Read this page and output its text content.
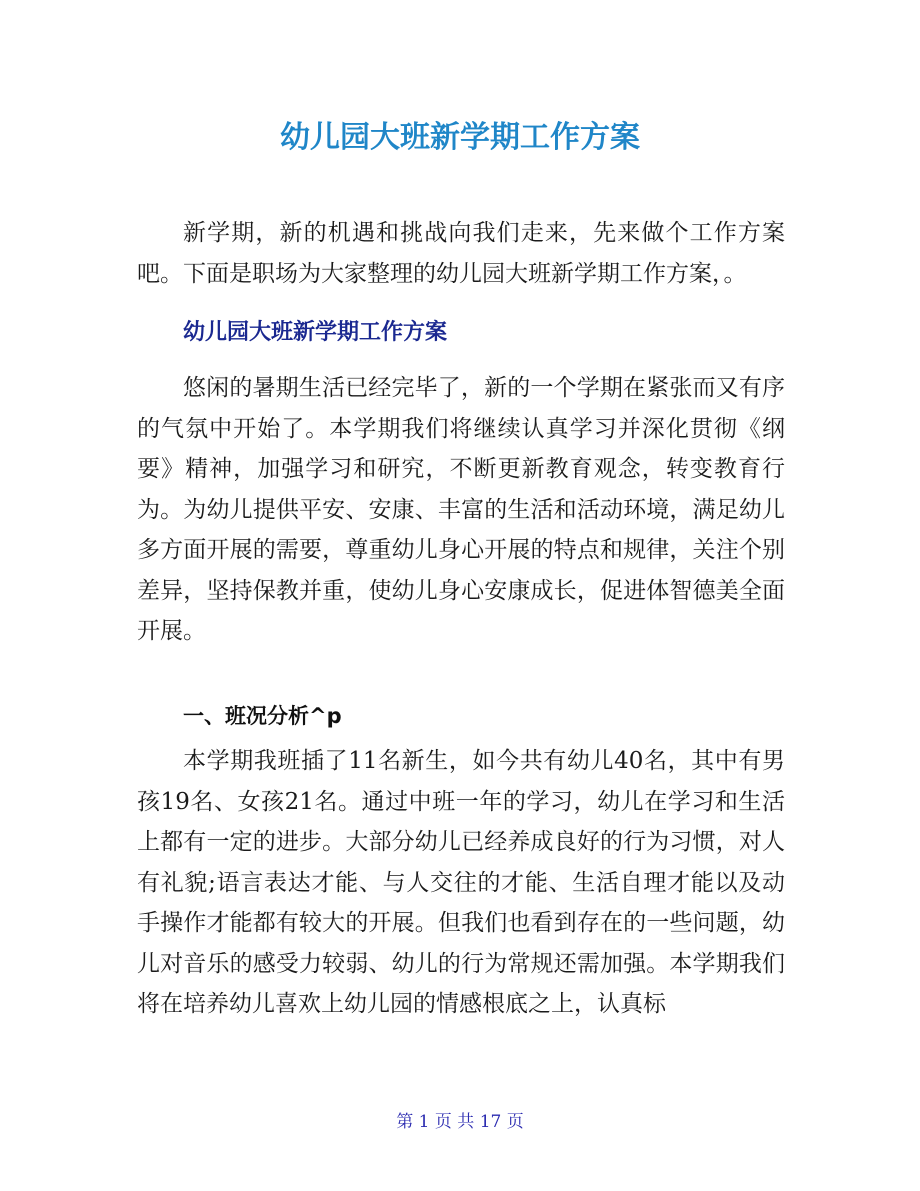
幼儿园大班新学期工作方案

新学期，新的机遇和挑战向我们走来，先来做个工作方案吧。下面是职场为大家整理的幼儿园大班新学期工作方案，。

幼儿园大班新学期工作方案

悠闲的暑期生活已经完毕了，新的一个学期在紧张而又有序的气氛中开始了。本学期我们将继续认真学习并深化贯彻《纲要》精神，加强学习和研究，不断更新教育观念，转变教育行为。为幼儿提供平安、安康、丰富的生活和活动环境，满足幼儿多方面开展的需要，尊重幼儿身心开展的特点和规律，关注个别差异，坚持保教并重，使幼儿身心安康成长，促进体智德美全面开展。

一、班况分析^p

本学期我班插了11名新生，如今共有幼儿40名，其中有男孩19名、女孩21名。通过中班一年的学习，幼儿在学习和生活上都有一定的进步。大部分幼儿已经养成良好的行为习惯，对人有礼貌;语言表达才能、与人交往的才能、生活自理才能以及动手操作才能都有较大的开展。但我们也看到存在的一些问题，幼儿对音乐的感受力较弱、幼儿的行为常规还需加强。本学期我们将在培养幼儿喜欢上幼儿园的情感根底之上，认真标

第 1 页 共 17 页
